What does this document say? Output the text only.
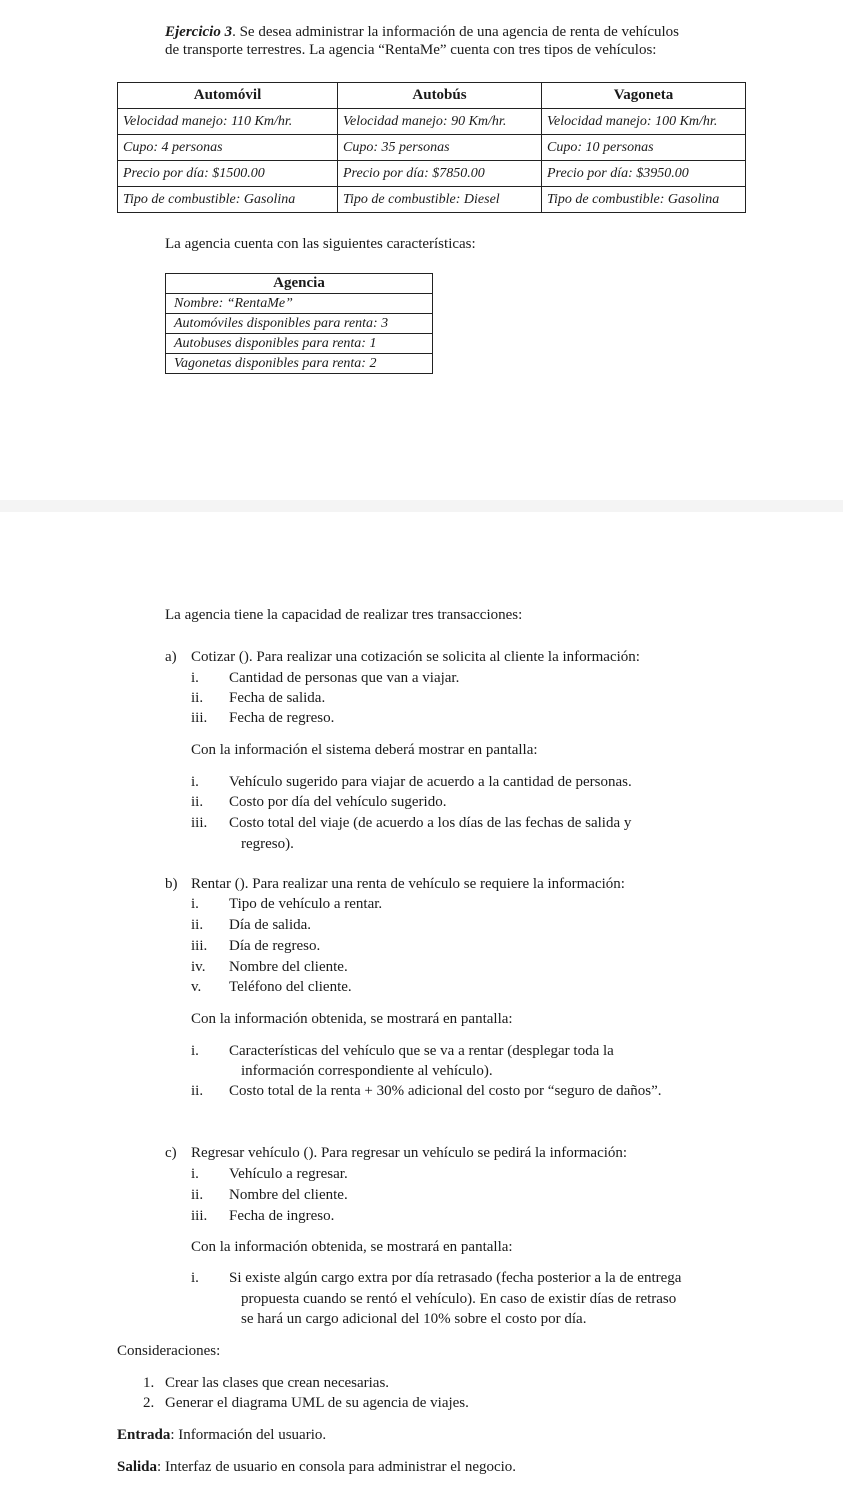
Ejercicio 3. Se desea administrar la información de una agencia de renta de vehículos
de transporte terrestres. La agencia “RentaMe” cuenta con tres tipos de vehículos:
Automóvil	Autobús	Vagoneta
Velocidad manejo: 110 Km/hr.	Velocidad manejo: 90 Km/hr.	Velocidad manejo: 100 Km/hr.
Cupo: 4 personas	Cupo: 35 personas	Cupo: 10 personas
Precio por día: $1500.00	Precio por día: $7850.00	Precio por día: $3950.00
Tipo de combustible: Gasolina	Tipo de combustible: Diesel	Tipo de combustible: Gasolina
La agencia cuenta con las siguientes características:
Agencia
Nombre: “RentaMe”
Automóviles disponibles para renta: 3
Autobuses disponibles para renta: 1
Vagonetas disponibles para renta: 2
La agencia tiene la capacidad de realizar tres transacciones:
a) Cotizar (). Para realizar una cotización se solicita al cliente la información:
i. Cantidad de personas que van a viajar.
ii. Fecha de salida.
iii. Fecha de regreso.
Con la información el sistema deberá mostrar en pantalla:
i. Vehículo sugerido para viajar de acuerdo a la cantidad de personas.
ii. Costo por día del vehículo sugerido.
iii. Costo total del viaje (de acuerdo a los días de las fechas de salida y
regreso).
b) Rentar (). Para realizar una renta de vehículo se requiere la información:
i. Tipo de vehículo a rentar.
ii. Día de salida.
iii. Día de regreso.
iv. Nombre del cliente.
v. Teléfono del cliente.
Con la información obtenida, se mostrará en pantalla:
i. Características del vehículo que se va a rentar (desplegar toda la
información correspondiente al vehículo).
ii. Costo total de la renta + 30% adicional del costo por “seguro de daños”.
c) Regresar vehículo (). Para regresar un vehículo se pedirá la información:
i. Vehículo a regresar.
ii. Nombre del cliente.
iii. Fecha de ingreso.
Con la información obtenida, se mostrará en pantalla:
i. Si existe algún cargo extra por día retrasado (fecha posterior a la de entrega
propuesta cuando se rentó el vehículo). En caso de existir días de retraso
se hará un cargo adicional del 10% sobre el costo por día.
Consideraciones:
1. Crear las clases que crean necesarias.
2. Generar el diagrama UML de su agencia de viajes.
Entrada: Información del usuario.
Salida: Interfaz de usuario en consola para administrar el negocio.
